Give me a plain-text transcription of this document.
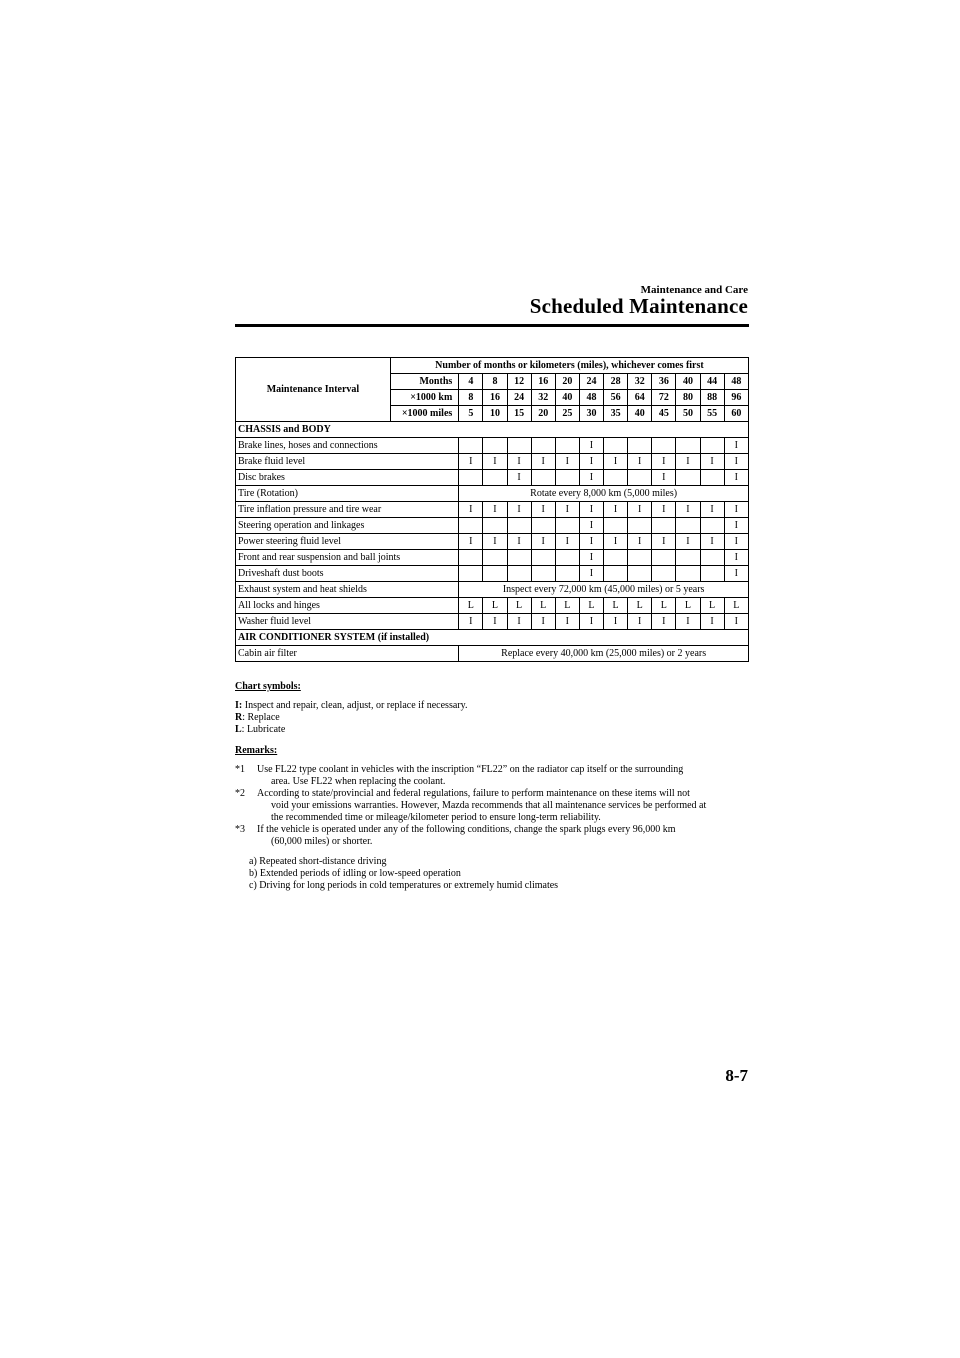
Maintenance and Care
Scheduled Maintenance
Maintenance Interval	Number of months or kilometers (miles), whichever comes first												
	Months	4	8	12	16	20	24	28	32	36	40	44	48
	×1000 km	8	16	24	32	40	48	56	64	72	80	88	96
	×1000 miles	5	10	15	20	25	30	35	40	45	50	55	60
CHASSIS and BODY													
Brake lines, hoses and connections							I						I
Brake fluid level		I	I	I	I	I	I	I	I	I	I	I	I
Disc brakes				I			I			I			I
Tire (Rotation)		Rotate every 8,000 km (5,000 miles)											
Tire inflation pressure and tire wear		I	I	I	I	I	I	I	I	I	I	I	I
Steering operation and linkages							I						I
Power steering fluid level		I	I	I	I	I	I	I	I	I	I	I	I
Front and rear suspension and ball joints							I						I
Driveshaft dust boots							I						I
Exhaust system and heat shields		Inspect every 72,000 km (45,000 miles) or 5 years											
All locks and hinges		L	L	L	L	L	L	L	L	L	L	L	L
Washer fluid level		I	I	I	I	I	I	I	I	I	I	I	I
AIR CONDITIONER SYSTEM (if installed)													
Cabin air filter		Replace every 40,000 km (25,000 miles) or 2 years											
Chart symbols:
I: Inspect and repair, clean, adjust, or replace if necessary.
R: Replace
L: Lubricate
Remarks:
*1 Use FL22 type coolant in vehicles with the inscription “FL22” on the radiator cap itself or the surrounding
area. Use FL22 when replacing the coolant.
*2 According to state/provincial and federal regulations, failure to perform maintenance on these items will not
void your emissions warranties. However, Mazda recommends that all maintenance services be performed at
the recommended time or mileage/kilometer period to ensure long-term reliability.
*3 If the vehicle is operated under any of the following conditions, change the spark plugs every 96,000 km
(60,000 miles) or shorter.
a) Repeated short-distance driving
b) Extended periods of idling or low-speed operation
c) Driving for long periods in cold temperatures or extremely humid climates
8-7
